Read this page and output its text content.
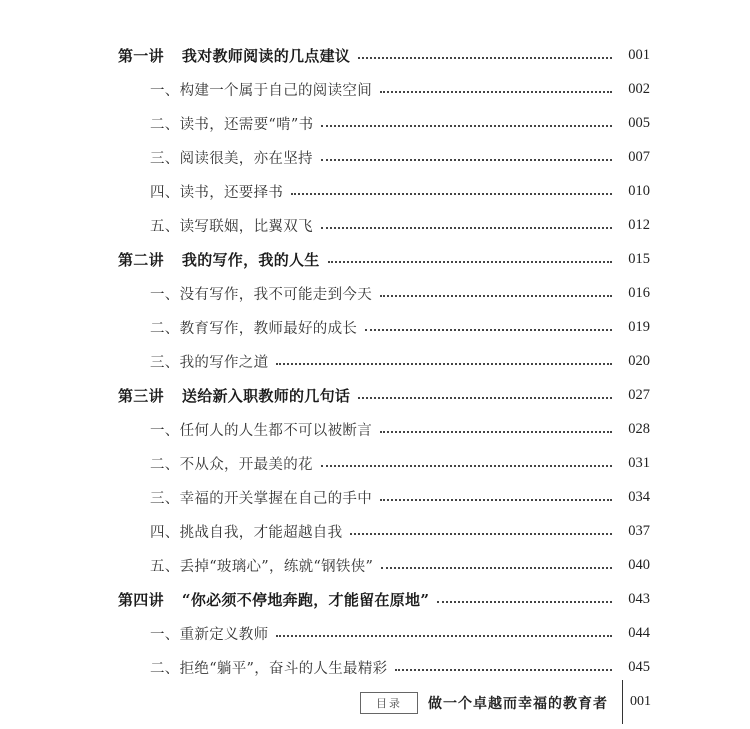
第一讲 我对教师阅读的几点建议	001
一、构建一个属于自己的阅读空间	002
二、读书，还需要“啃”书	005
三、阅读很美，亦在坚持	007
四、读书，还要择书	010
五、读写联姻，比翼双飞	012
第二讲 我的写作，我的人生	015
一、没有写作，我不可能走到今天	016
二、教育写作，教师最好的成长	019
三、我的写作之道	020
第三讲 送给新入职教师的几句话	027
一、任何人的人生都不可以被断言	028
二、不从众，开最美的花	031
三、幸福的开关掌握在自己的手中	034
四、挑战自我，才能超越自我	037
五、丢掉“玻璃心”，练就“钢铁侠”	040
第四讲 “你必须不停地奔跑，才能留在原地”	043
一、重新定义教师	044
二、拒绝“躺平”，奋斗的人生最精彩	045
目录	做一个卓越而幸福的教育者 001
